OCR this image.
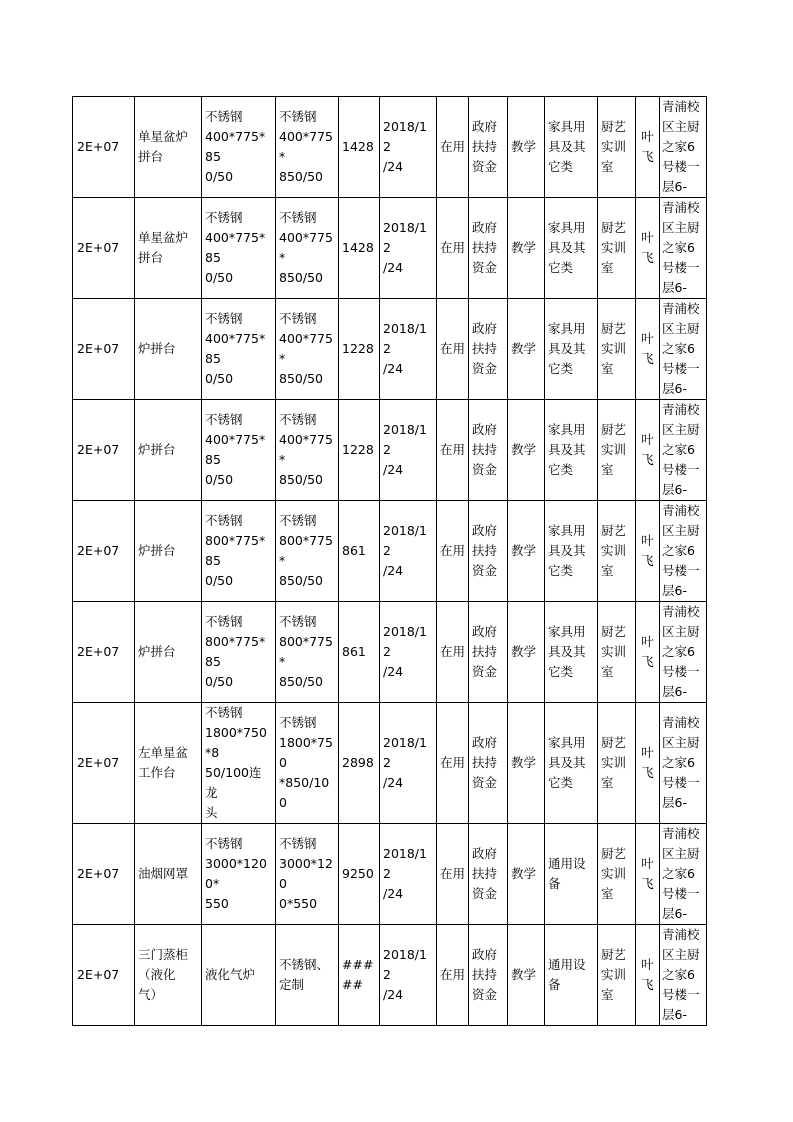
2E+07	单星盆炉
拼台	不锈钢
400*775*85
0/50	不锈钢
400*775*
850/50	1428	2018/12
/24	在用	政府
扶持
资金	教学	家具用
具及其
它类	厨艺
实训
室	叶
飞	青浦校
区主厨
之家6
号楼一
层6-
2E+07	单星盆炉
拼台	不锈钢
400*775*85
0/50	不锈钢
400*775*
850/50	1428	2018/12
/24	在用	政府
扶持
资金	教学	家具用
具及其
它类	厨艺
实训
室	叶
飞	青浦校
区主厨
之家6
号楼一
层6-
2E+07	炉拼台	不锈钢
400*775*85
0/50	不锈钢
400*775*
850/50	1228	2018/12
/24	在用	政府
扶持
资金	教学	家具用
具及其
它类	厨艺
实训
室	叶
飞	青浦校
区主厨
之家6
号楼一
层6-
2E+07	炉拼台	不锈钢
400*775*85
0/50	不锈钢
400*775*
850/50	1228	2018/12
/24	在用	政府
扶持
资金	教学	家具用
具及其
它类	厨艺
实训
室	叶
飞	青浦校
区主厨
之家6
号楼一
层6-
2E+07	炉拼台	不锈钢
800*775*85
0/50	不锈钢
800*775*
850/50	861	2018/12
/24	在用	政府
扶持
资金	教学	家具用
具及其
它类	厨艺
实训
室	叶
飞	青浦校
区主厨
之家6
号楼一
层6-
2E+07	炉拼台	不锈钢
800*775*85
0/50	不锈钢
800*775*
850/50	861	2018/12
/24	在用	政府
扶持
资金	教学	家具用
具及其
它类	厨艺
实训
室	叶
飞	青浦校
区主厨
之家6
号楼一
层6-
2E+07	左单星盆
工作台	不锈钢
1800*750*8
50/100连龙
头	不锈钢
1800*750
*850/100	2898	2018/12
/24	在用	政府
扶持
资金	教学	家具用
具及其
它类	厨艺
实训
室	叶
飞	青浦校
区主厨
之家6
号楼一
层6-
2E+07	油烟网罩	不锈钢
3000*1200*
550	不锈钢
3000*120
0*550	9250	2018/12
/24	在用	政府
扶持
资金	教学	通用设
备	厨艺
实训
室	叶
飞	青浦校
区主厨
之家6
号楼一
层6-
2E+07	三门蒸柜
（液化
气）	液化气炉	不锈钢、
定制	#####	2018/12
/24	在用	政府
扶持
资金	教学	通用设
备	厨艺
实训
室	叶
飞	青浦校
区主厨
之家6
号楼一
层6-
